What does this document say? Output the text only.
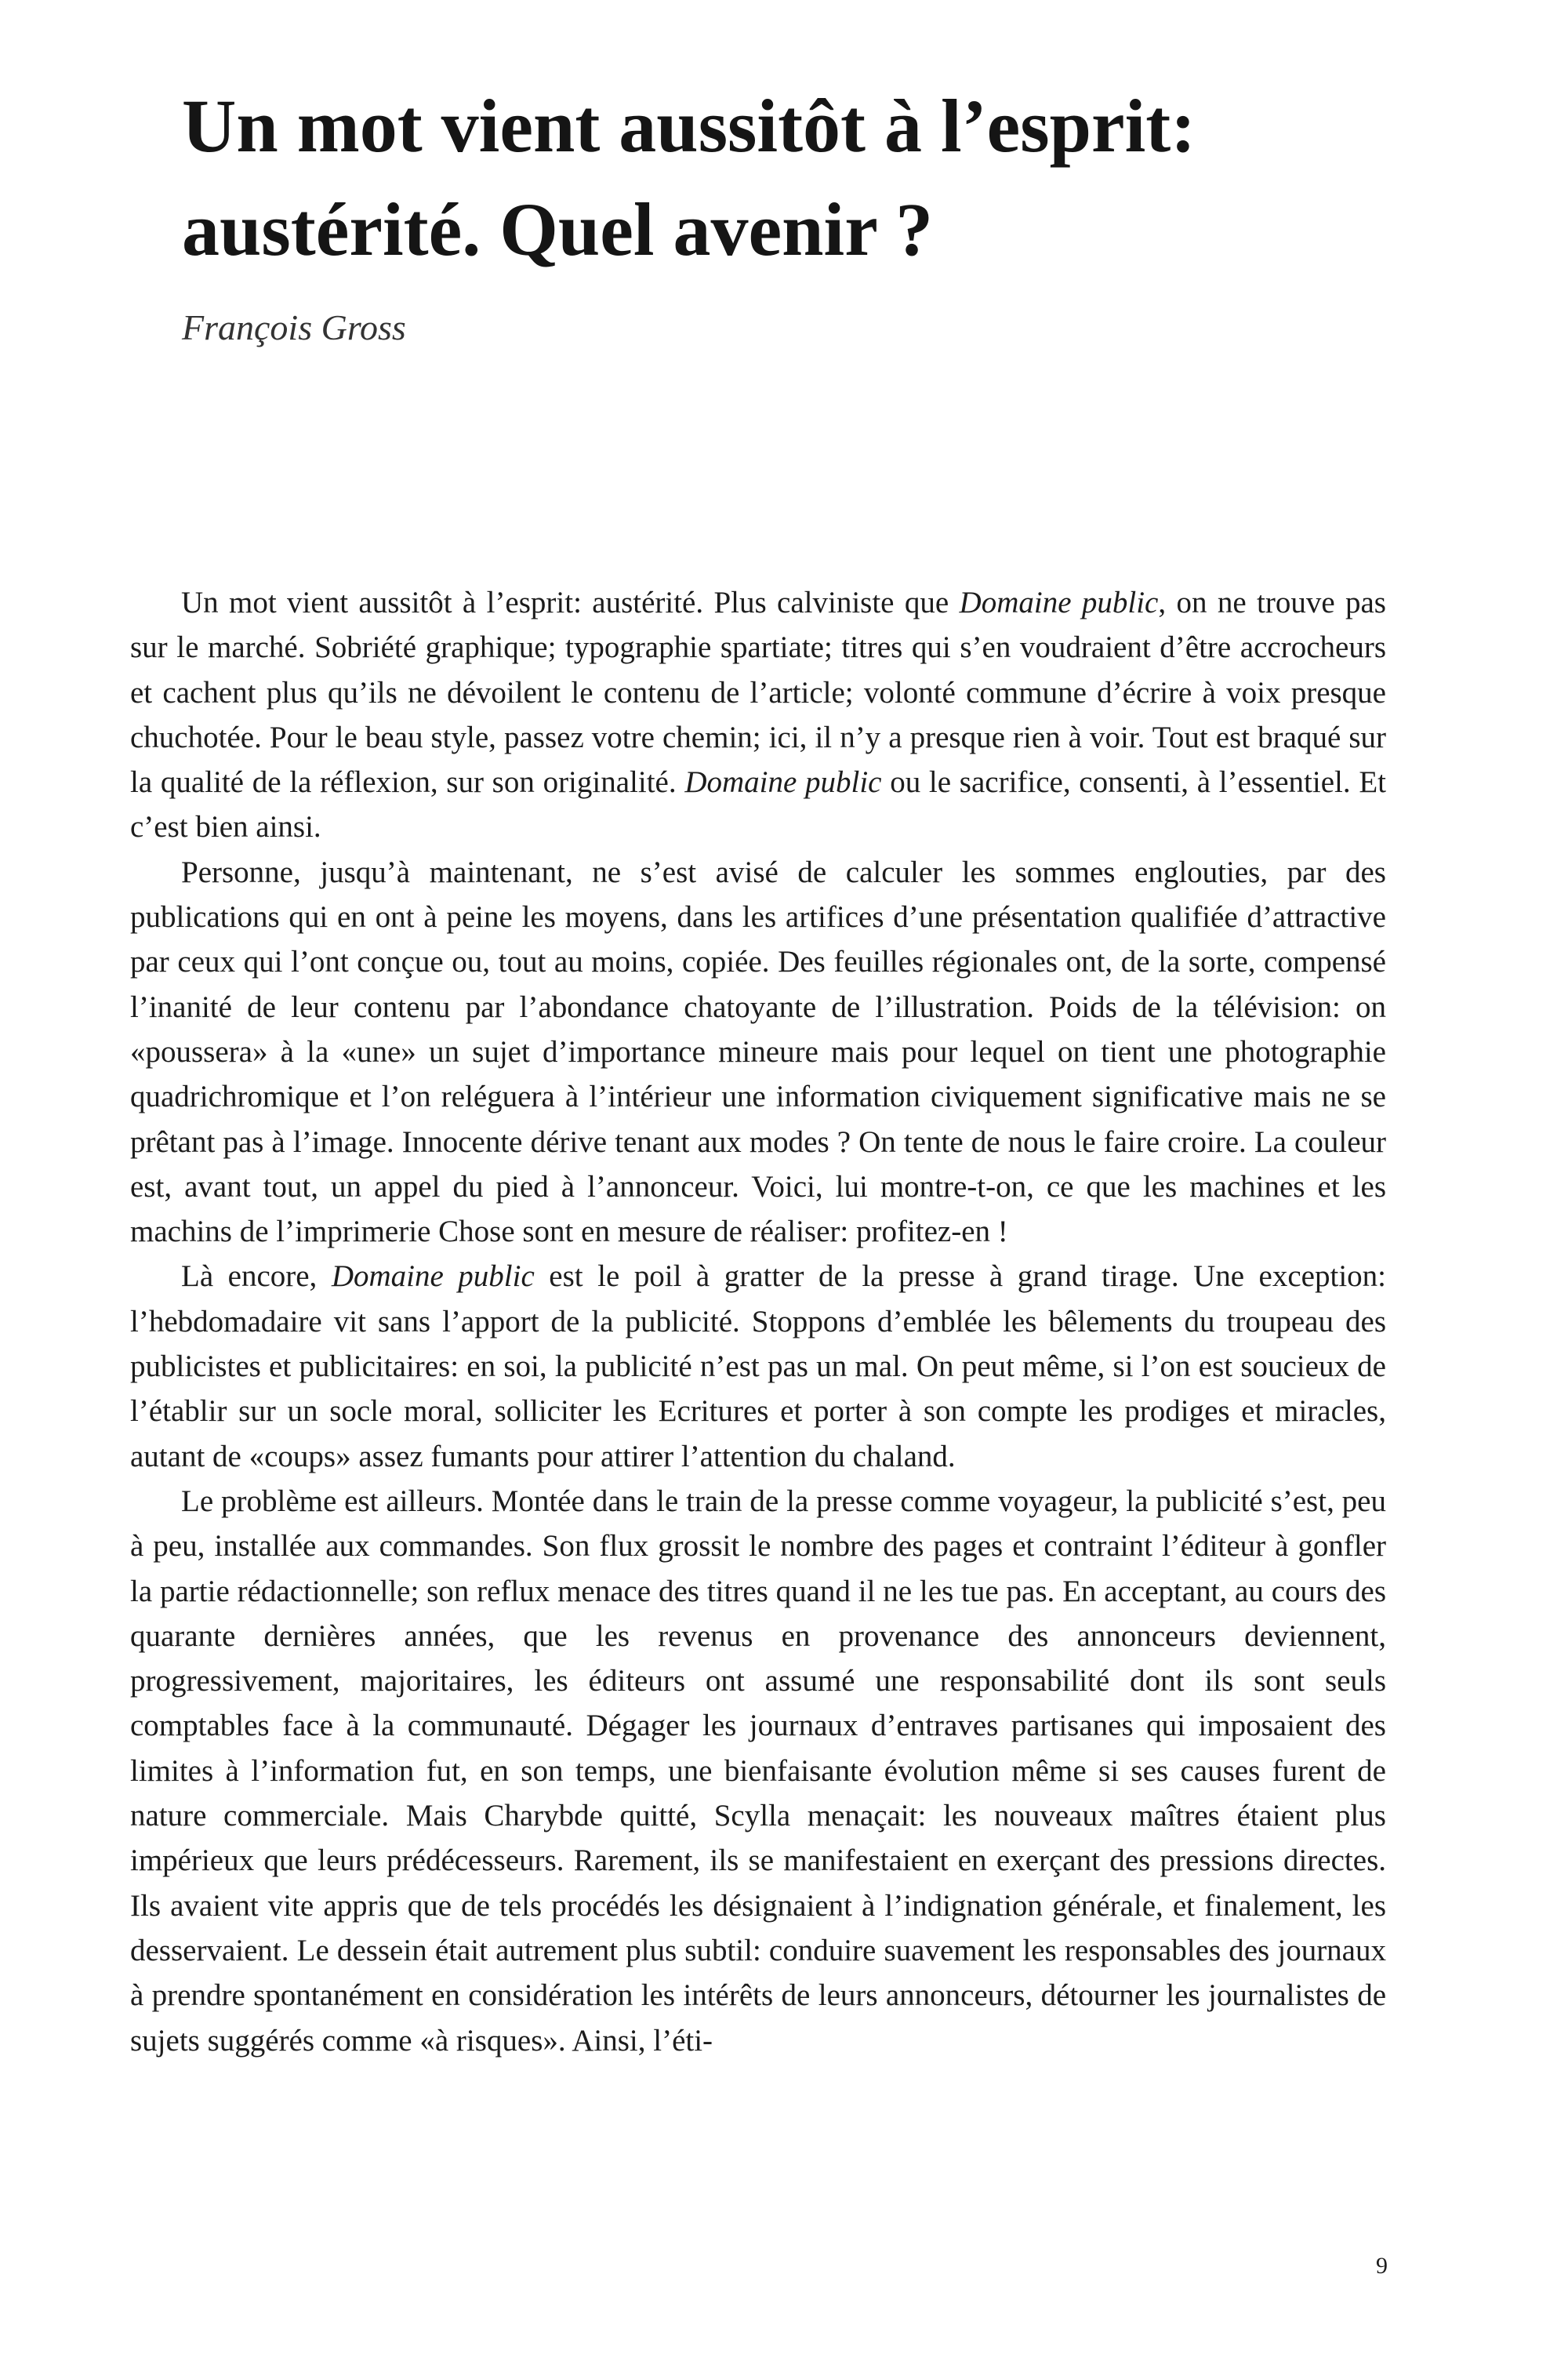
Un mot vient aussitôt à l’esprit:
austérité. Quel avenir ?

François Gross

Un mot vient aussitôt à l’esprit: austérité. Plus calviniste que Domaine public, on ne trouve pas sur le marché. Sobriété graphique; typographie spartiate; titres qui s’en voudraient d’être accrocheurs et cachent plus qu’ils ne dévoilent le contenu de l’article; volonté commune d’écrire à voix presque chuchotée. Pour le beau style, passez votre chemin; ici, il n’y a presque rien à voir. Tout est braqué sur la qualité de la réflexion, sur son originalité. Domaine public ou le sacrifice, consenti, à l’essentiel. Et c’est bien ainsi.

Personne, jusqu’à maintenant, ne s’est avisé de calculer les sommes englouties, par des publications qui en ont à peine les moyens, dans les artifices d’une présentation qualifiée d’attractive par ceux qui l’ont conçue ou, tout au moins, copiée. Des feuilles régionales ont, de la sorte, compensé l’inanité de leur contenu par l’abondance chatoyante de l’illustration. Poids de la télévision: on «poussera» à la «une» un sujet d’importance mineure mais pour lequel on tient une photographie quadrichromique et l’on reléguera à l’intérieur une information civiquement significative mais ne se prêtant pas à l’image. Innocente dérive tenant aux modes ? On tente de nous le faire croire. La couleur est, avant tout, un appel du pied à l’annonceur. Voici, lui montre-t-on, ce que les machines et les machins de l’imprimerie Chose sont en mesure de réaliser: profitez-en !

Là encore, Domaine public est le poil à gratter de la presse à grand tirage. Une exception: l’hebdomadaire vit sans l’apport de la publicité. Stoppons d’emblée les bêlements du troupeau des publicistes et publicitaires: en soi, la publicité n’est pas un mal. On peut même, si l’on est soucieux de l’établir sur un socle moral, solliciter les Ecritures et porter à son compte les prodiges et miracles, autant de «coups» assez fumants pour attirer l’attention du chaland.

Le problème est ailleurs. Montée dans le train de la presse comme voyageur, la publicité s’est, peu à peu, installée aux commandes. Son flux grossit le nombre des pages et contraint l’éditeur à gonfler la partie rédactionnelle; son reflux menace des titres quand il ne les tue pas. En acceptant, au cours des quarante dernières années, que les revenus en provenance des annonceurs deviennent, progressivement, majoritaires, les éditeurs ont assumé une responsabilité dont ils sont seuls comptables face à la communauté. Dégager les journaux d’entraves partisanes qui imposaient des limites à l’information fut, en son temps, une bienfaisante évolution même si ses causes furent de nature commerciale. Mais Charybde quitté, Scylla menaçait: les nouveaux maîtres étaient plus impérieux que leurs prédécesseurs. Rarement, ils se manifestaient en exerçant des pressions directes. Ils avaient vite appris que de tels procédés les désignaient à l’indignation générale, et finalement, les desservaient. Le dessein était autrement plus subtil: conduire suavement les responsables des journaux à prendre spontanément en considération les intérêts de leurs annonceurs, détourner les journalistes de sujets suggérés comme «à risques». Ainsi, l’éti-

9
